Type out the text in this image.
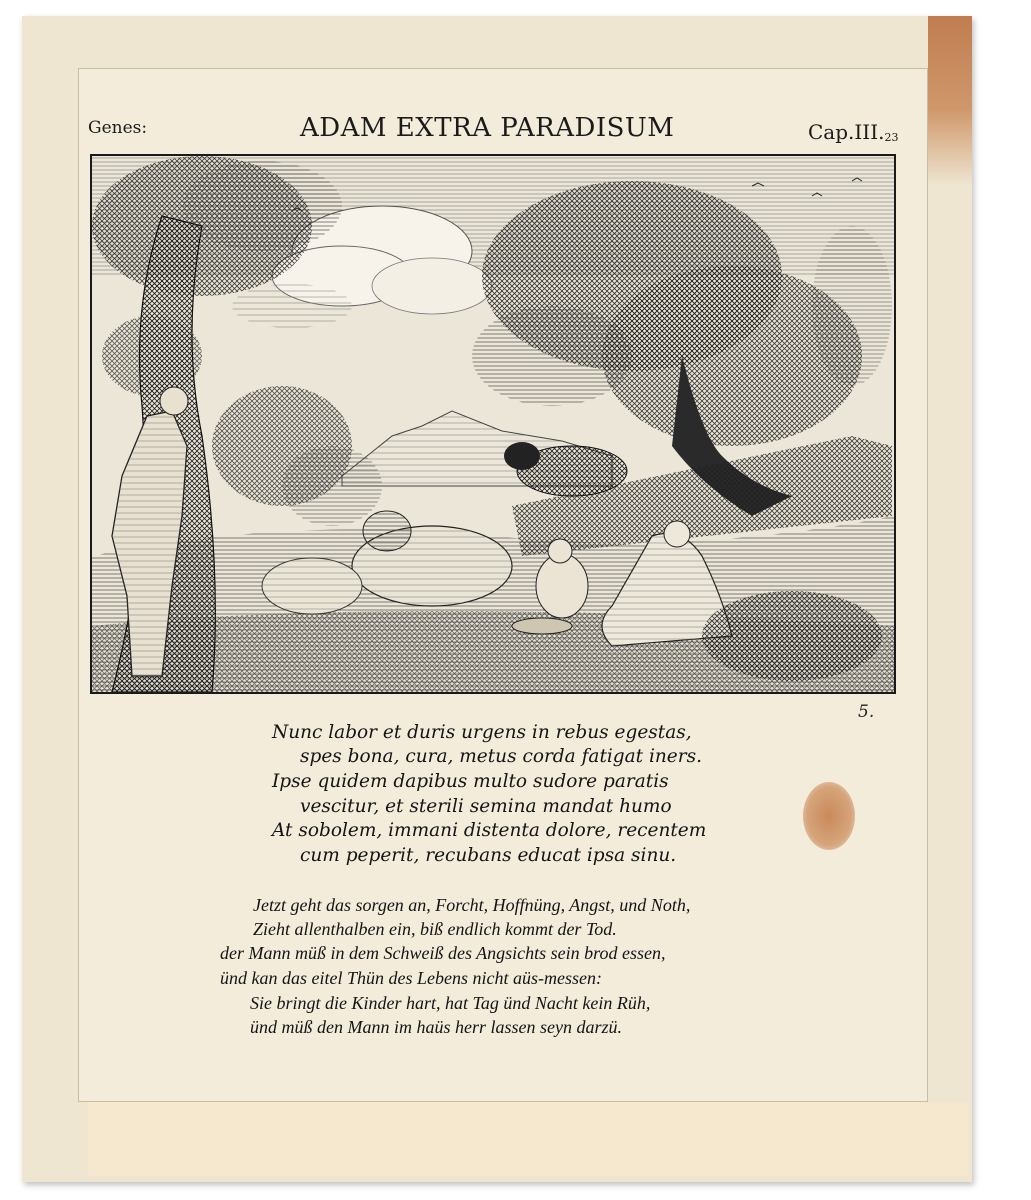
Genes:	ADAM EXTRA PARADISUM	$Cap.III._{23}$
5.
Nunc labor et duris urgens in rebus egestas,
spes bona, cura, metus corda fatigat iners.
Ipse quidem dapibus multo sudore paratis
vescitur, et sterili semina mandat humo
At sobolem, immani distenta dolore, recentem
cum peperit, recubans educat ipsa sinu.
Jetzt geht das sorgen an, Forcht, Hoffnüng, Angst, und Noth,
Zieht allenthalben ein, biß endlich kommt der Tod.
der Mann müß in dem Schweiß des Angsichts sein brod essen,
ünd kan das eitel Thün des Lebens nicht aüs-messen:
Sie bringt die Kinder hart, hat Tag ünd Nacht kein Rüh,
ünd müß den Mann im haüs herr lassen seyn darzü.
